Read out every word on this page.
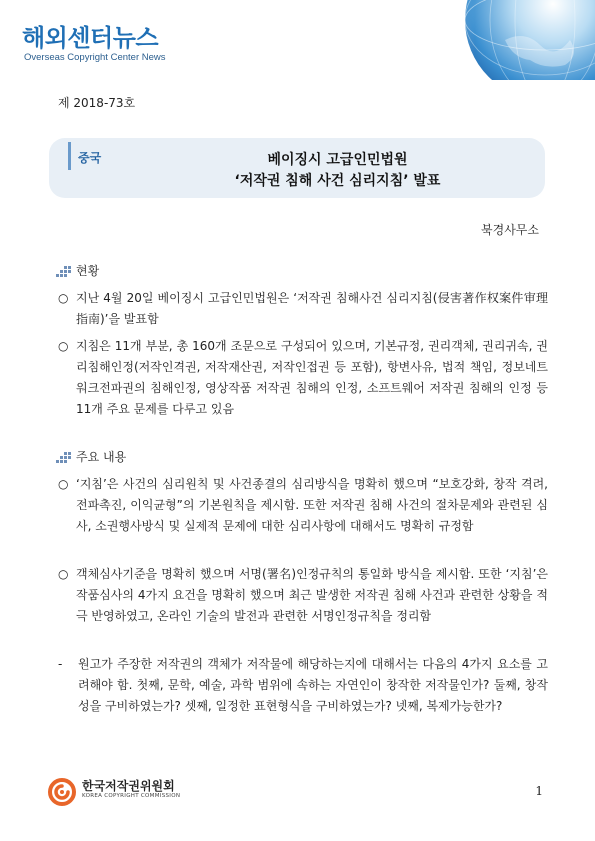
해외센터뉴스
Overseas Copyright Center News
제 2018-73호
중국	베이징시 고급인민법원
‘저작권 침해 사건 심리지침’ 발표
북경사무소
현황
○ 지난 4월 20일 베이징시 고급인민법원은 ‘저작권 침해사건 심리지침(侵害著作权案件审理指南)’을 발표함
○ 지침은 11개 부분, 총 160개 조문으로 구성되어 있으며, 기본규정, 권리객체, 권리귀속, 권리침해인정(저작인격권, 저작재산권, 저작인접권 등 포함), 항변사유, 법적 책임, 정보네트워크전파권의 침해인정, 영상작품 저작권 침해의 인정, 소프트웨어 저작권 침해의 인정 등 11개 주요 문제를 다루고 있음
주요 내용
○ ‘지침’은 사건의 심리원칙 및 사건종결의 심리방식을 명확히 했으며 “보호강화, 창작 격려, 전파촉진, 이익균형”의 기본원칙을 제시함. 또한 저작권 침해 사건의 절차문제와 관련된 심사, 소권행사방식 및 실제적 문제에 대한 심리사항에 대해서도 명확히 규정함
○ 객체심사기준을 명확히 했으며 서명(署名)인정규칙의 통일화 방식을 제시함. 또한 ‘지침’은 작품심사의 4가지 요건을 명확히 했으며 최근 발생한 저작권 침해 사건과 관련한 상황을 적극 반영하였고, 온라인 기술의 발전과 관련한 서명인정규칙을 정리함
-	원고가 주장한 저작권의 객체가 저작물에 해당하는지에 대해서는 다음의 4가지 요소를 고려해야 함. 첫째, 문학, 예술, 과학 범위에 속하는 자연인이 창작한 저작물인가? 둘째, 창작성을 구비하였는가? 셋째, 일정한 표현형식을 구비하였는가? 넷째, 복제가능한가?
한국저작권위원회
KOREA COPYRIGHT COMMISSION	1
